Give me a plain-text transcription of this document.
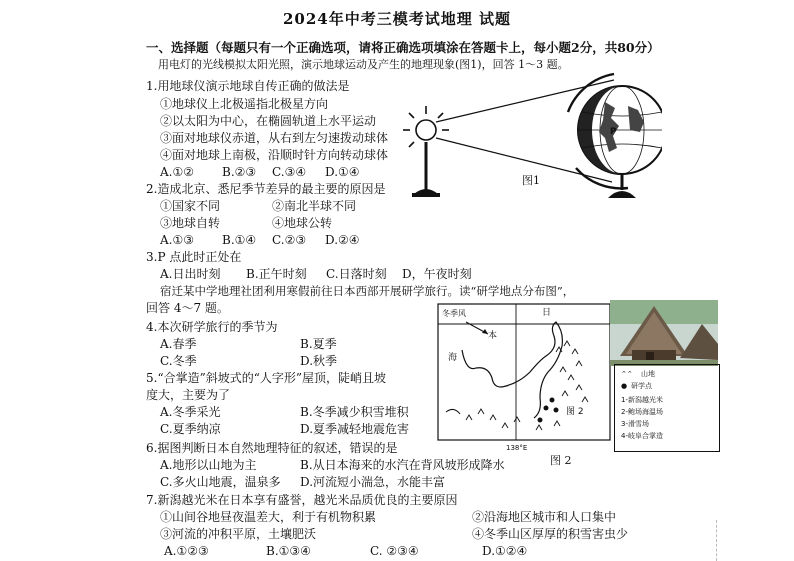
2024年中考三模考试地理 试题
一、选择题（每题只有一个正确选项，请将正确选项填涂在答题卡上，每小题2分，共80分）
用电灯的光线模拟太阳光照，演示地球运动及产生的地理现象(图1)，回答 1～3 题。
1.用地球仪演示地球自传正确的做法是
①地球仪上北极遥指北极星方向
②以太阳为中心，在椭圆轨道上水平运动
③面对地球仪赤道，从右到左匀速拨动球体
④面对地球上南极，沿顺时针方向转动球体
A.①② B.②③ C.③④ D.①④
2.造成北京、悉尼季节差异的最主要的原因是
①国家不同	②南北半球不同
③地球自转	④地球公转
A.①③ B.①④ C.②③ D.②④
3.P 点此时正处在
A.日出时刻 B.正午时刻 C.日落时刻 D，午夜时刻
宿迁某中学地理社团利用寒假前往日本西部开展研学旅行。读“研学地点分布图”，
回答 4～7 题。
4.本次研学旅行的季节为
A.春季	B.夏季
C.冬季	D.秋季
5.“合掌造”斜坡式的“人字形”屋顶，陡峭且坡
度大，主要为了
A.冬季采光	B.冬季减少积雪堆积
C.夏季纳凉	D.夏季减轻地震危害
6.据图判断日本自然地理特征的叙述，错误的是
A.地形以山地为主	B.从日本海来的水汽在背风坡形成降水
C.多火山地震，温泉多 D.河流短小湍急，水能丰富
7.新潟越光米在日本享有盛誉，越光米品质优良的主要原因
①山间谷地昼夜温差大，利于有机物积累	②沿海地区城市和人口集中
③河流的冲积平原，土壤肥沃	④冬季山区厚厚的积雪害虫少
A.①②③	B.①③④	C. ②③④	D.①②④
P
图1
冬季风
本
日
海
图 2
138°E
图 2
⌃⌃ 山地
● 研学点
1-新潟越光米
2-鲍场海温场
3-滑雪场
4-岐阜合掌造
